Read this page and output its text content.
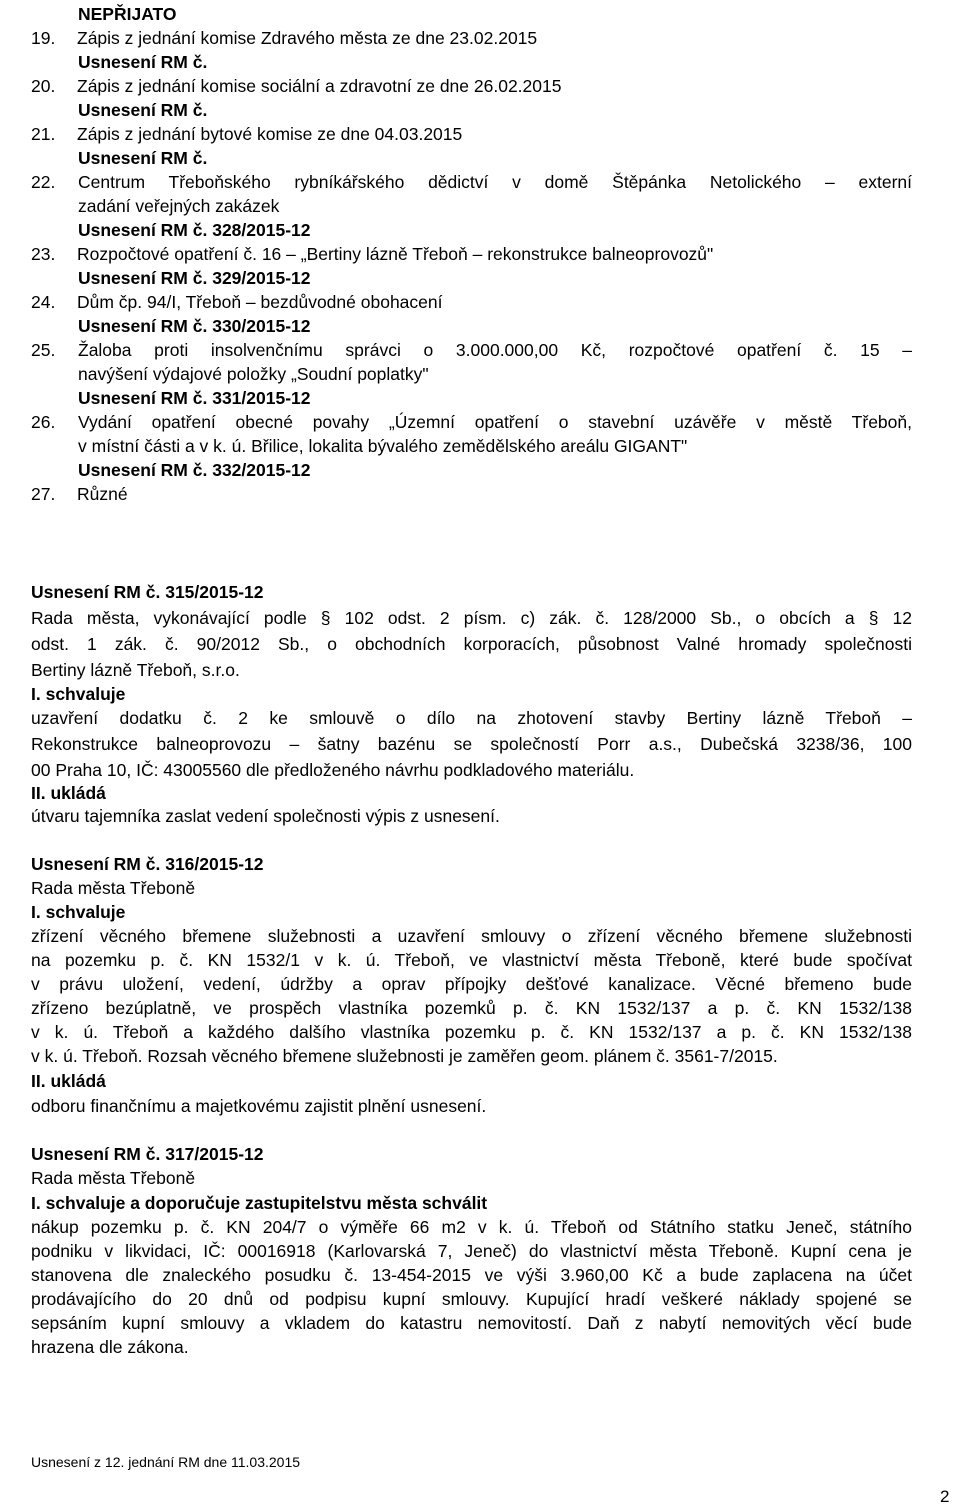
NEPŘIJATO
19. Zápis z jednání komise Zdravého města ze dne 23.02.2015
Usnesení RM č.
20. Zápis z jednání komise sociální a zdravotní ze dne 26.02.2015
Usnesení RM č.
21. Zápis z jednání bytové komise ze dne 04.03.2015
Usnesení RM č.
22.	Centrum Třeboňského rybníkářského dědictví v domě Štěpánka Netolického – externí
zadání veřejných zakázek
Usnesení RM č. 328/2015-12
23. Rozpočtové opatření č. 16 – „Bertiny lázně Třeboň – rekonstrukce balneoprovozů"
Usnesení RM č. 329/2015-12
24. Dům čp. 94/I, Třeboň – bezdůvodné obohacení
Usnesení RM č. 330/2015-12
25.	Žaloba proti insolvenčnímu správci o 3.000.000,00 Kč, rozpočtové opatření č. 15 –
navýšení výdajové položky „Soudní poplatky"
Usnesení RM č. 331/2015-12
26.	Vydání opatření obecné povahy „Územní opatření o stavební uzávěře v městě Třeboň,
v místní části a v k. ú. Břilice, lokalita bývalého zemědělského areálu GIGANT"
Usnesení RM č. 332/2015-12
27. Různé
Usnesení RM č. 315/2015-12
Rada města, vykonávající podle § 102 odst. 2 písm. c) zák. č. 128/2000 Sb., o obcích a § 12
odst. 1 zák. č. 90/2012 Sb., o obchodních korporacích, působnost Valné hromady společnosti
Bertiny lázně Třeboň, s.r.o.
I. schvaluje
uzavření dodatku č. 2 ke smlouvě o dílo na zhotovení stavby Bertiny lázně Třeboň –
Rekonstrukce balneoprovozu – šatny bazénu se společností Porr a.s., Dubečská 3238/36, 100
00 Praha 10, IČ: 43005560 dle předloženého návrhu podkladového materiálu.
II. ukládá
útvaru tajemníka zaslat vedení společnosti výpis z usnesení.
Usnesení RM č. 316/2015-12
Rada města Třeboně
I. schvaluje
zřízení věcného břemene služebnosti a uzavření smlouvy o zřízení věcného břemene služebnosti
na pozemku p. č. KN 1532/1 v k. ú. Třeboň, ve vlastnictví města Třeboně, které bude spočívat
v právu uložení, vedení, údržby a oprav přípojky dešťové kanalizace. Věcné břemeno bude
zřízeno bezúplatně, ve prospěch vlastníka pozemků p. č. KN 1532/137 a p. č. KN 1532/138
v k. ú. Třeboň a každého dalšího vlastníka pozemku p. č. KN 1532/137 a p. č. KN 1532/138
v k. ú. Třeboň. Rozsah věcného břemene služebnosti je zaměřen geom. plánem č. 3561-7/2015.
II. ukládá
odboru finančnímu a majetkovému zajistit plnění usnesení.
Usnesení RM č. 317/2015-12
Rada města Třeboně
I. schvaluje a doporučuje zastupitelstvu města schválit
nákup pozemku p. č. KN 204/7 o výměře 66 m2 v k. ú. Třeboň od Státního statku Jeneč, státního
podniku v likvidaci, IČ: 00016918 (Karlovarská 7, Jeneč) do vlastnictví města Třeboně. Kupní cena je
stanovena dle znaleckého posudku č. 13-454-2015 ve výši 3.960,00 Kč a bude zaplacena na účet
prodávajícího do 20 dnů od podpisu kupní smlouvy. Kupující hradí veškeré náklady spojené se
sepsáním kupní smlouvy a vkladem do katastru nemovitostí. Daň z nabytí nemovitých věcí bude
hrazena dle zákona.
Usnesení z 12. jednání RM dne 11.03.2015
2
